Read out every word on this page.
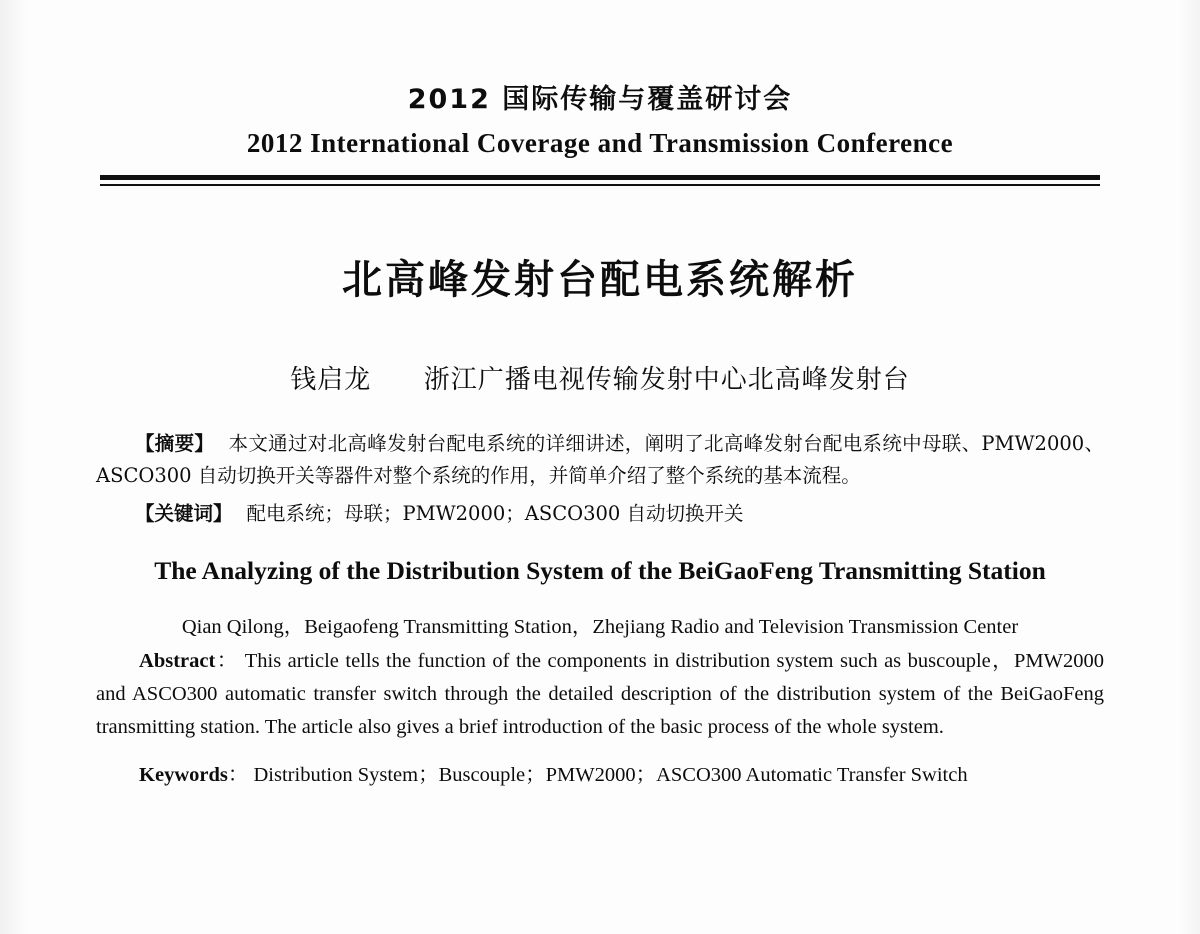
2012 国际传输与覆盖研讨会
2012 International Coverage and Transmission Conference
北高峰发射台配电系统解析
钱启龙 浙江广播电视传输发射中心北高峰发射台

【摘要】 本文通过对北高峰发射台配电系统的详细讲述，阐明了北高峰发射台配电系统中母联、PMW2000、ASCO300 自动切换开关等器件对整个系统的作用，并简单介绍了整个系统的基本流程。

【关键词】 配电系统；母联；PMW2000；ASCO300 自动切换开关

The Analyzing of the Distribution System of the BeiGaoFeng Transmitting Station
Qian Qilong，Beigaofeng Transmitting Station，Zhejiang Radio and Television Transmission Center

Abstract： This article tells the function of the components in distribution system such as buscouple，PMW2000 and ASCO300 automatic transfer switch through the detailed description of the distribution system of the BeiGaoFeng transmitting station. The article also gives a brief introduction of the basic process of the whole system.

Keywords： Distribution System；Buscouple；PMW2000；ASCO300 Automatic Transfer Switch
